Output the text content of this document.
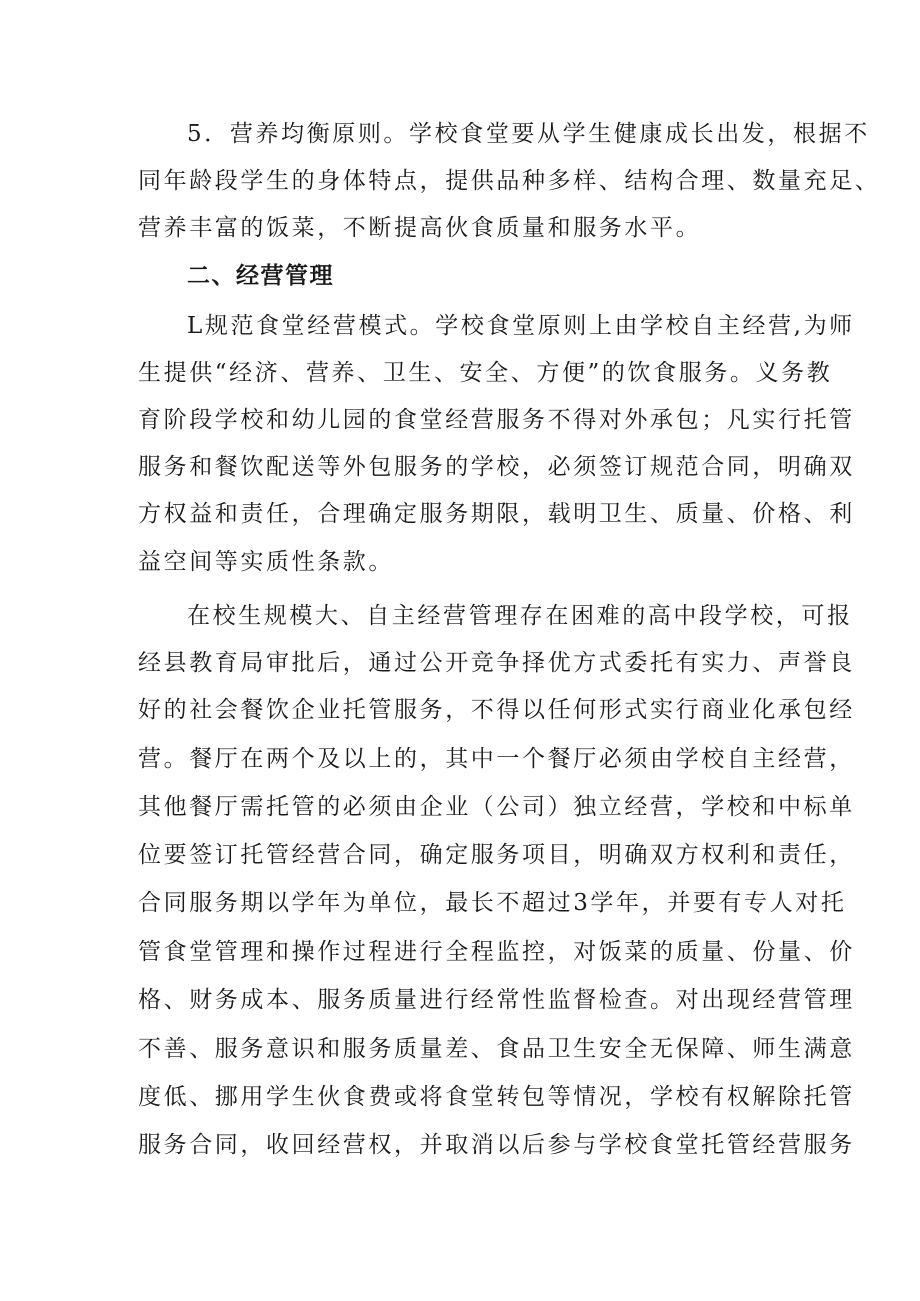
5．营养均衡原则。学校食堂要从学生健康成长出发，根据不
同年龄段学生的身体特点，提供品种多样、结构合理、数量充足、
营养丰富的饭菜，不断提高伙食质量和服务水平。
二、经营管理
L规范食堂经营模式。学校食堂原则上由学校自主经营,为师
生提供“经济、营养、卫生、安全、方便”的饮食服务。义务教
育阶段学校和幼儿园的食堂经营服务不得对外承包；凡实行托管
服务和餐饮配送等外包服务的学校，必须签订规范合同，明确双
方权益和责任，合理确定服务期限，载明卫生、质量、价格、利
益空间等实质性条款。
在校生规模大、自主经营管理存在困难的高中段学校，可报
经县教育局审批后，通过公开竞争择优方式委托有实力、声誉良
好的社会餐饮企业托管服务，不得以任何形式实行商业化承包经
营。餐厅在两个及以上的，其中一个餐厅必须由学校自主经营，
其他餐厅需托管的必须由企业（公司）独立经营，学校和中标单
位要签订托管经营合同，确定服务项目，明确双方权利和责任，
合同服务期以学年为单位，最长不超过3学年，并要有专人对托
管食堂管理和操作过程进行全程监控，对饭菜的质量、份量、价
格、财务成本、服务质量进行经常性监督检查。对出现经营管理
不善、服务意识和服务质量差、食品卫生安全无保障、师生满意
度低、挪用学生伙食费或将食堂转包等情况，学校有权解除托管
服务合同，收回经营权，并取消以后参与学校食堂托管经营服务
